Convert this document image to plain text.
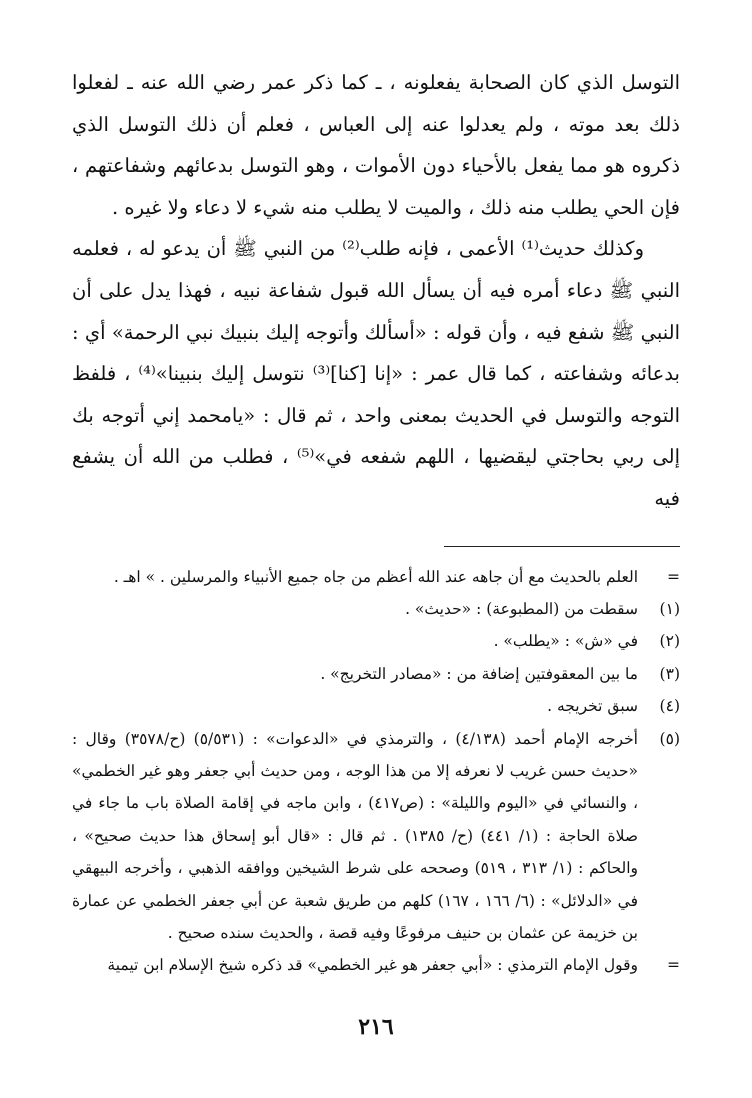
التوسل الذي كان الصحابة يفعلونه ، ـ كما ذكر عمر رضي الله عنه ـ لفعلوا ذلك بعد موته ، ولم يعدلوا عنه إلى العباس ، فعلم أن ذلك التوسل الذي ذكروه هو مما يفعل بالأحياء دون الأموات ، وهو التوسل بدعائهم وشفاعتهم ، فإن الحي يطلب منه ذلك ، والميت لا يطلب منه شيء لا دعاء ولا غيره .

وكذلك حديث⁽¹⁾ الأعمى ، فإنه طلب⁽²⁾ من النبي ﷺ أن يدعو له ، فعلمه النبي ﷺ دعاء أمره فيه أن يسأل الله قبول شفاعة نبيه ، فهذا يدل على أن النبي ﷺ شفع فيه ، وأن قوله : «أسألك وأتوجه إليك بنبيك نبي الرحمة» أي : بدعائه وشفاعته ، كما قال عمر : «إنا [كنا]⁽³⁾ نتوسل إليك بنبينا»⁽⁴⁾ ، فلفظ التوجه والتوسل في الحديث بمعنى واحد ، ثم قال : «يامحمد إني أتوجه بك إلى ربي بحاجتي ليقضيها ، اللهم شفعه في»⁽⁵⁾ ، فطلب من الله أن يشفع فيه

=
العلم بالحديث مع أن جاهه عند الله أعظم من جاه جميع الأنبياء والمرسلين . » اهـ .
(١)
سقطت من (المطبوعة) : «حديث» .
(٢)
في «ش» : «يطلب» .
(٣)
ما بين المعقوفتين إضافة من : «مصادر التخريج» .
(٤)
سبق تخريجه .
(٥)
أخرجه الإمام أحمد (٤/١٣٨) ، والترمذي في «الدعوات» : (٥/٥٣١) (ح/٣٥٧٨) وقال : «حديث حسن غريب لا نعرفه إلا من هذا الوجه ، ومن حديث أبي جعفر وهو غير الخطمي» ، والنسائي في «اليوم والليلة» : (ص٤١٧) ، وابن ماجه في إقامة الصلاة باب ما جاء في صلاة الحاجة : (١/ ٤٤١) (ح/ ١٣٨٥) . ثم قال : «قال أبو إسحاق هذا حديث صحيح» ، والحاكم : (١/ ٣١٣ ، ٥١٩) وصححه على شرط الشيخين ووافقه الذهبي ، وأخرجه البيهقي في «الدلائل» : (٦/ ١٦٦ ، ١٦٧) كلهم من طريق شعبة عن أبي جعفر الخطمي عن عمارة بن خزيمة عن عثمان بن حنيف مرفوعًا وفيه قصة ، والحديث سنده صحيح .
=
وقول الإمام الترمذي : «أبي جعفر هو غير الخطمي» قد ذكره شيخ الإسلام ابن تيمية
٢١٦
